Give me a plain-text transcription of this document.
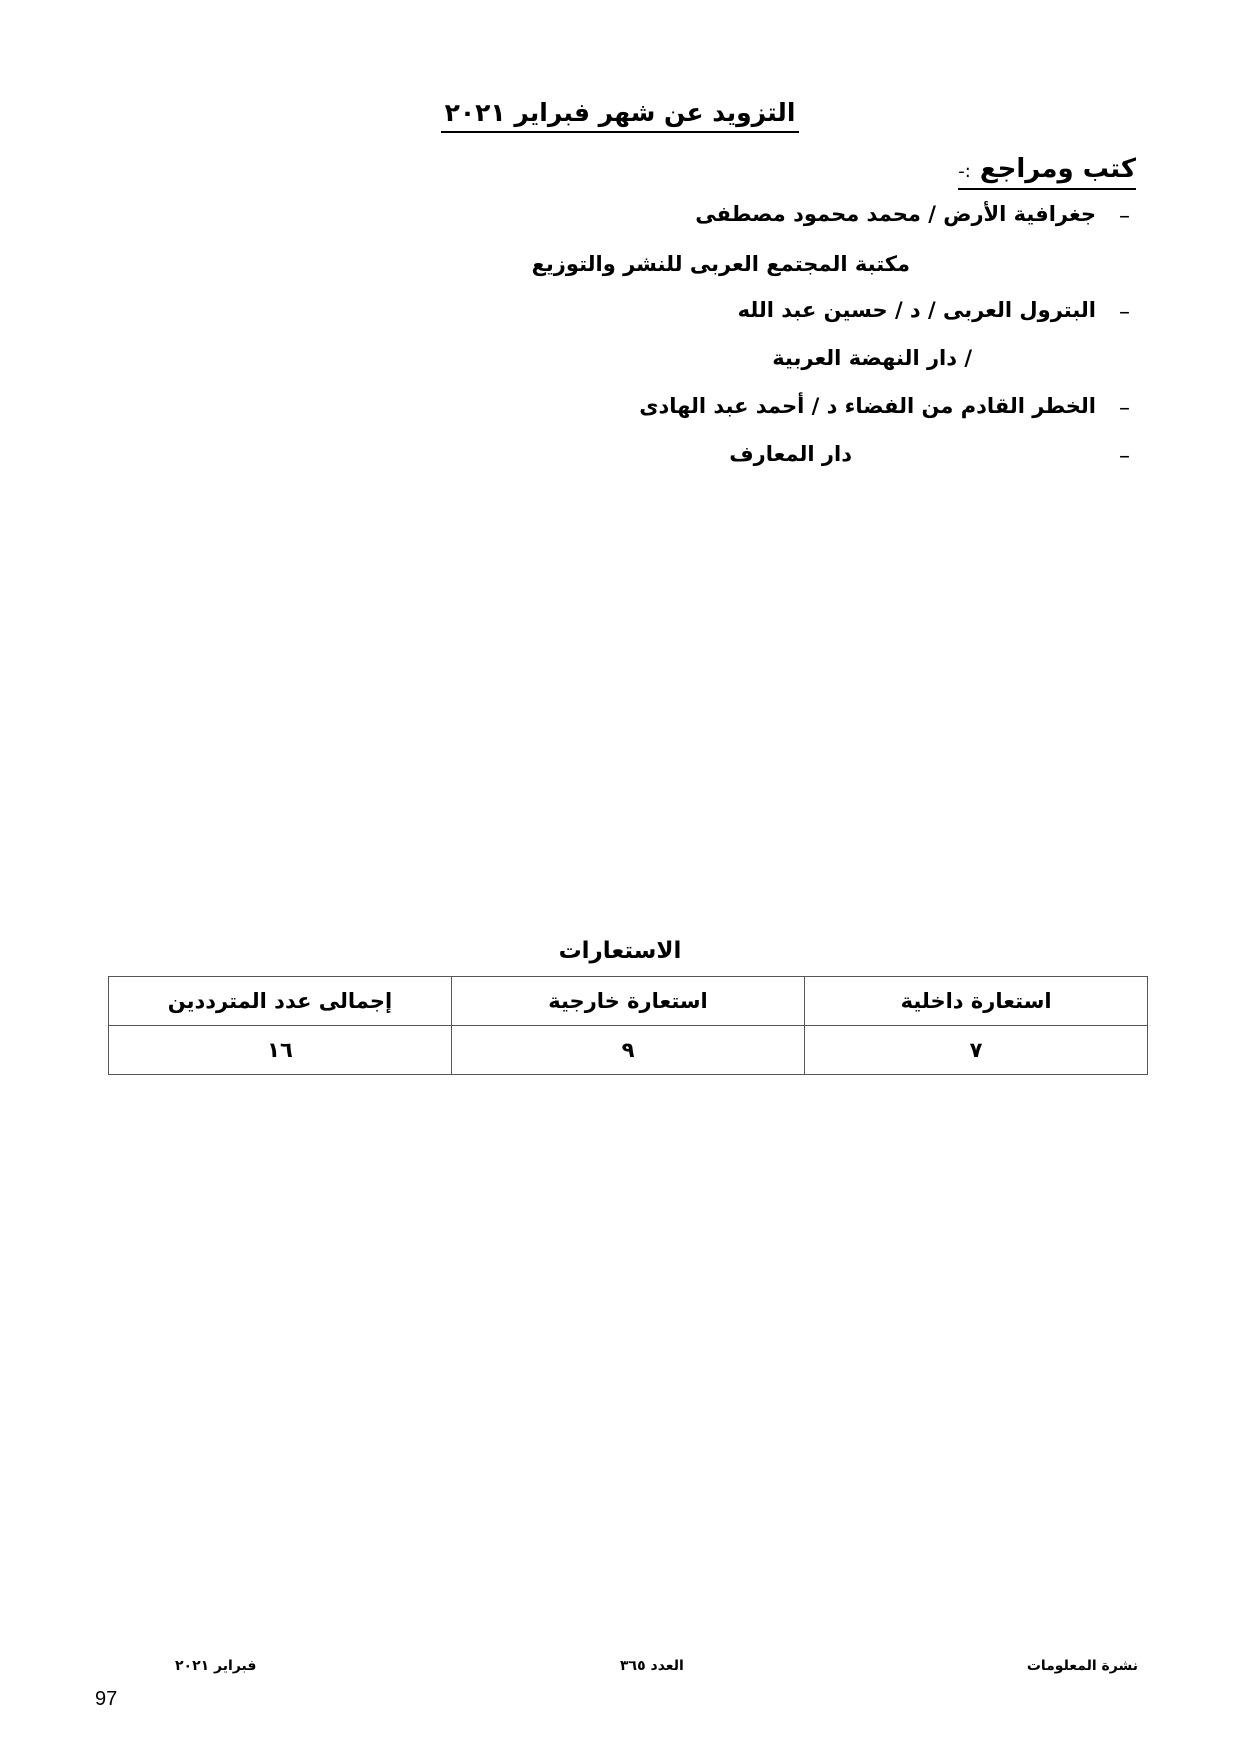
التزويد عن شهر فبراير ٢٠٢١
كتب ومراجع :-
–
جغرافية الأرض / محمد محمود مصطفى
مكتبة المجتمع العربى للنشر والتوزيع
–
البترول العربى / د / حسين عبد الله
/ دار النهضة العربية
–
الخطر القادم من الفضاء د / أحمد عبد الهادى
–
دار المعارف
الاستعارات
استعارة داخلية	استعارة خارجية	إجمالى عدد المترددين
٧	٩	١٦
فبراير ٢٠٢١	العدد ٣٦٥	نشرة المعلومات
97
